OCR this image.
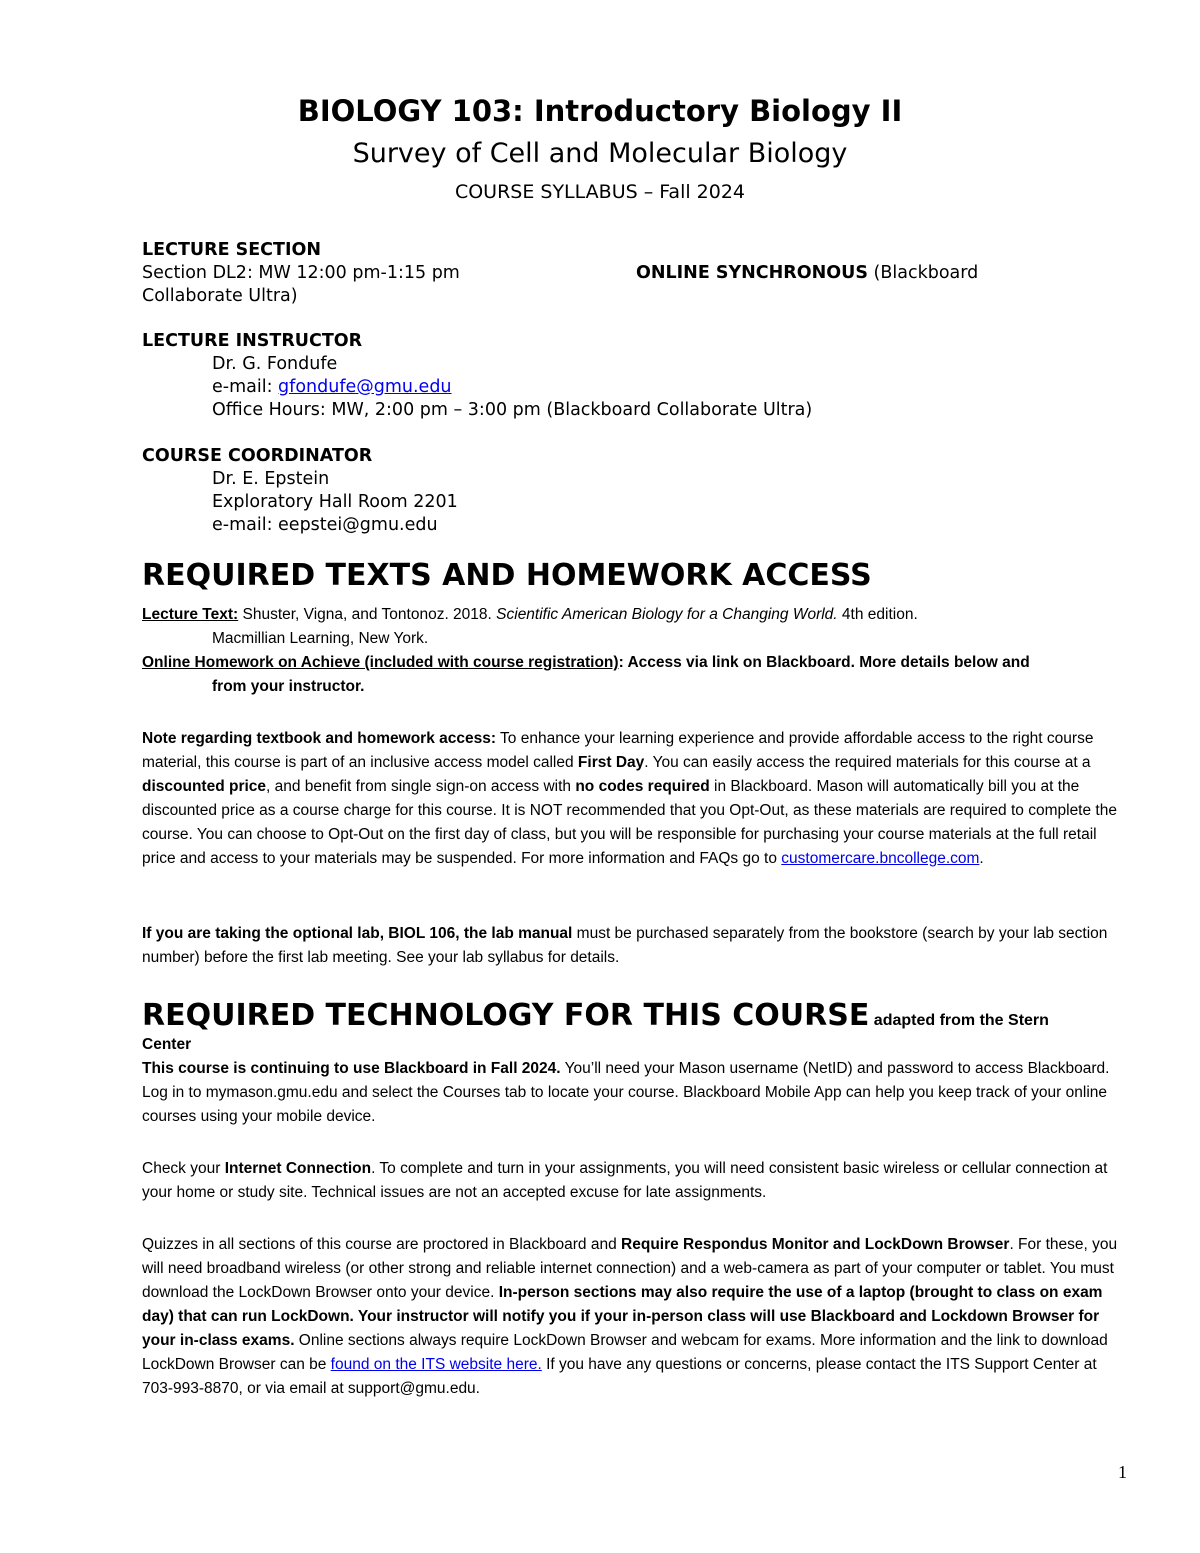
BIOLOGY 103: Introductory Biology II
Survey of Cell and Molecular Biology
COURSE SYLLABUS – Fall 2024
LECTURE SECTION
Section DL2: MW 12:00 pm-1:15 pm	ONLINE SYNCHRONOUS (Blackboard
Collaborate Ultra)
LECTURE INSTRUCTOR
Dr. G. Fondufe
e-mail: gfondufe@gmu.edu
Office Hours: MW, 2:00 pm – 3:00 pm (Blackboard Collaborate Ultra)
COURSE COORDINATOR
Dr. E. Epstein
Exploratory Hall Room 2201
e-mail: eepstei@gmu.edu
REQUIRED TEXTS AND HOMEWORK ACCESS
Lecture Text: Shuster, Vigna, and Tontonoz. 2018. Scientific American Biology for a Changing World. 4th edition.
Macmillian Learning, New York.
Online Homework on Achieve (included with course registration): Access via link on Blackboard. More details below and
from your instructor.
Note regarding textbook and homework access: To enhance your learning experience and provide affordable access to the right course material, this course is part of an inclusive access model called First Day. You can easily access the required materials for this course at a discounted price, and benefit from single sign-on access with no codes required in Blackboard. Mason will automatically bill you at the discounted price as a course charge for this course. It is NOT recommended that you Opt-Out, as these materials are required to complete the course. You can choose to Opt-Out on the first day of class, but you will be responsible for purchasing your course materials at the full retail price and access to your materials may be suspended. For more information and FAQs go to customercare.bncollege.com.
If you are taking the optional lab, BIOL 106, the lab manual must be purchased separately from the bookstore (search by your lab section number) before the first lab meeting. See your lab syllabus for details.
REQUIRED TECHNOLOGY FOR THIS COURSE adapted from the Stern
Center
This course is continuing to use Blackboard in Fall 2024. You’ll need your Mason username (NetID) and password to access Blackboard. Log in to mymason.gmu.edu and select the Courses tab to locate your course. Blackboard Mobile App can help you keep track of your online courses using your mobile device.
Check your Internet Connection. To complete and turn in your assignments, you will need consistent basic wireless or cellular connection at your home or study site. Technical issues are not an accepted excuse for late assignments.
Quizzes in all sections of this course are proctored in Blackboard and Require Respondus Monitor and LockDown Browser. For these, you will need broadband wireless (or other strong and reliable internet connection) and a web-camera as part of your computer or tablet. You must download the LockDown Browser onto your device. In-person sections may also require the use of a laptop (brought to class on exam day) that can run LockDown. Your instructor will notify you if your in-person class will use Blackboard and Lockdown Browser for your in-class exams. Online sections always require LockDown Browser and webcam for exams. More information and the link to download LockDown Browser can be found on the ITS website here. If you have any questions or concerns, please contact the ITS Support Center at 703-993-8870, or via email at support@gmu.edu.
1
